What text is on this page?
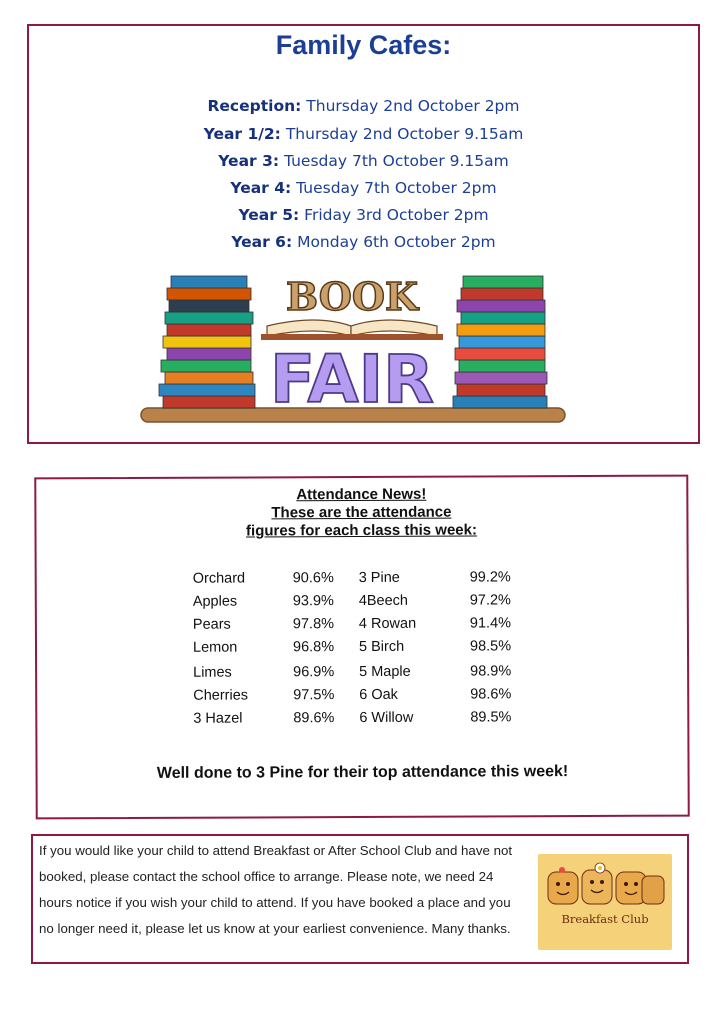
Family Cafes:
Reception: Thursday 2nd October 2pm
Year 1/2: Thursday 2nd October 9.15am
Year 3: Tuesday 7th October 9.15am
Year 4: Tuesday 7th October 2pm
Year 5: Friday 3rd October 2pm
Year 6: Monday 6th October 2pm
BOOK
FAIR
Attendance News!
These are the attendance
figures for each class this week:
Orchard	90.6%
Apples	93.9%
Pears	97.8%
Lemon	96.8%
Limes	96.9%
Cherries	97.5%
3 Hazel	89.6%
3 Pine	99.2%
4Beech	97.2%
4 Rowan	91.4%
5 Birch	98.5%
5 Maple	98.9%
6 Oak	98.6%
6 Willow	89.5%
Well done to 3 Pine for their top attendance this week!
If you would like your child to attend Breakfast or After School Club and have not booked, please contact the school office to arrange. Please note, we need 24 hours notice if you wish your child to attend. If you have booked a place and you no longer need it, please let us know at your earliest convenience. Many thanks.
Breakfast Club
